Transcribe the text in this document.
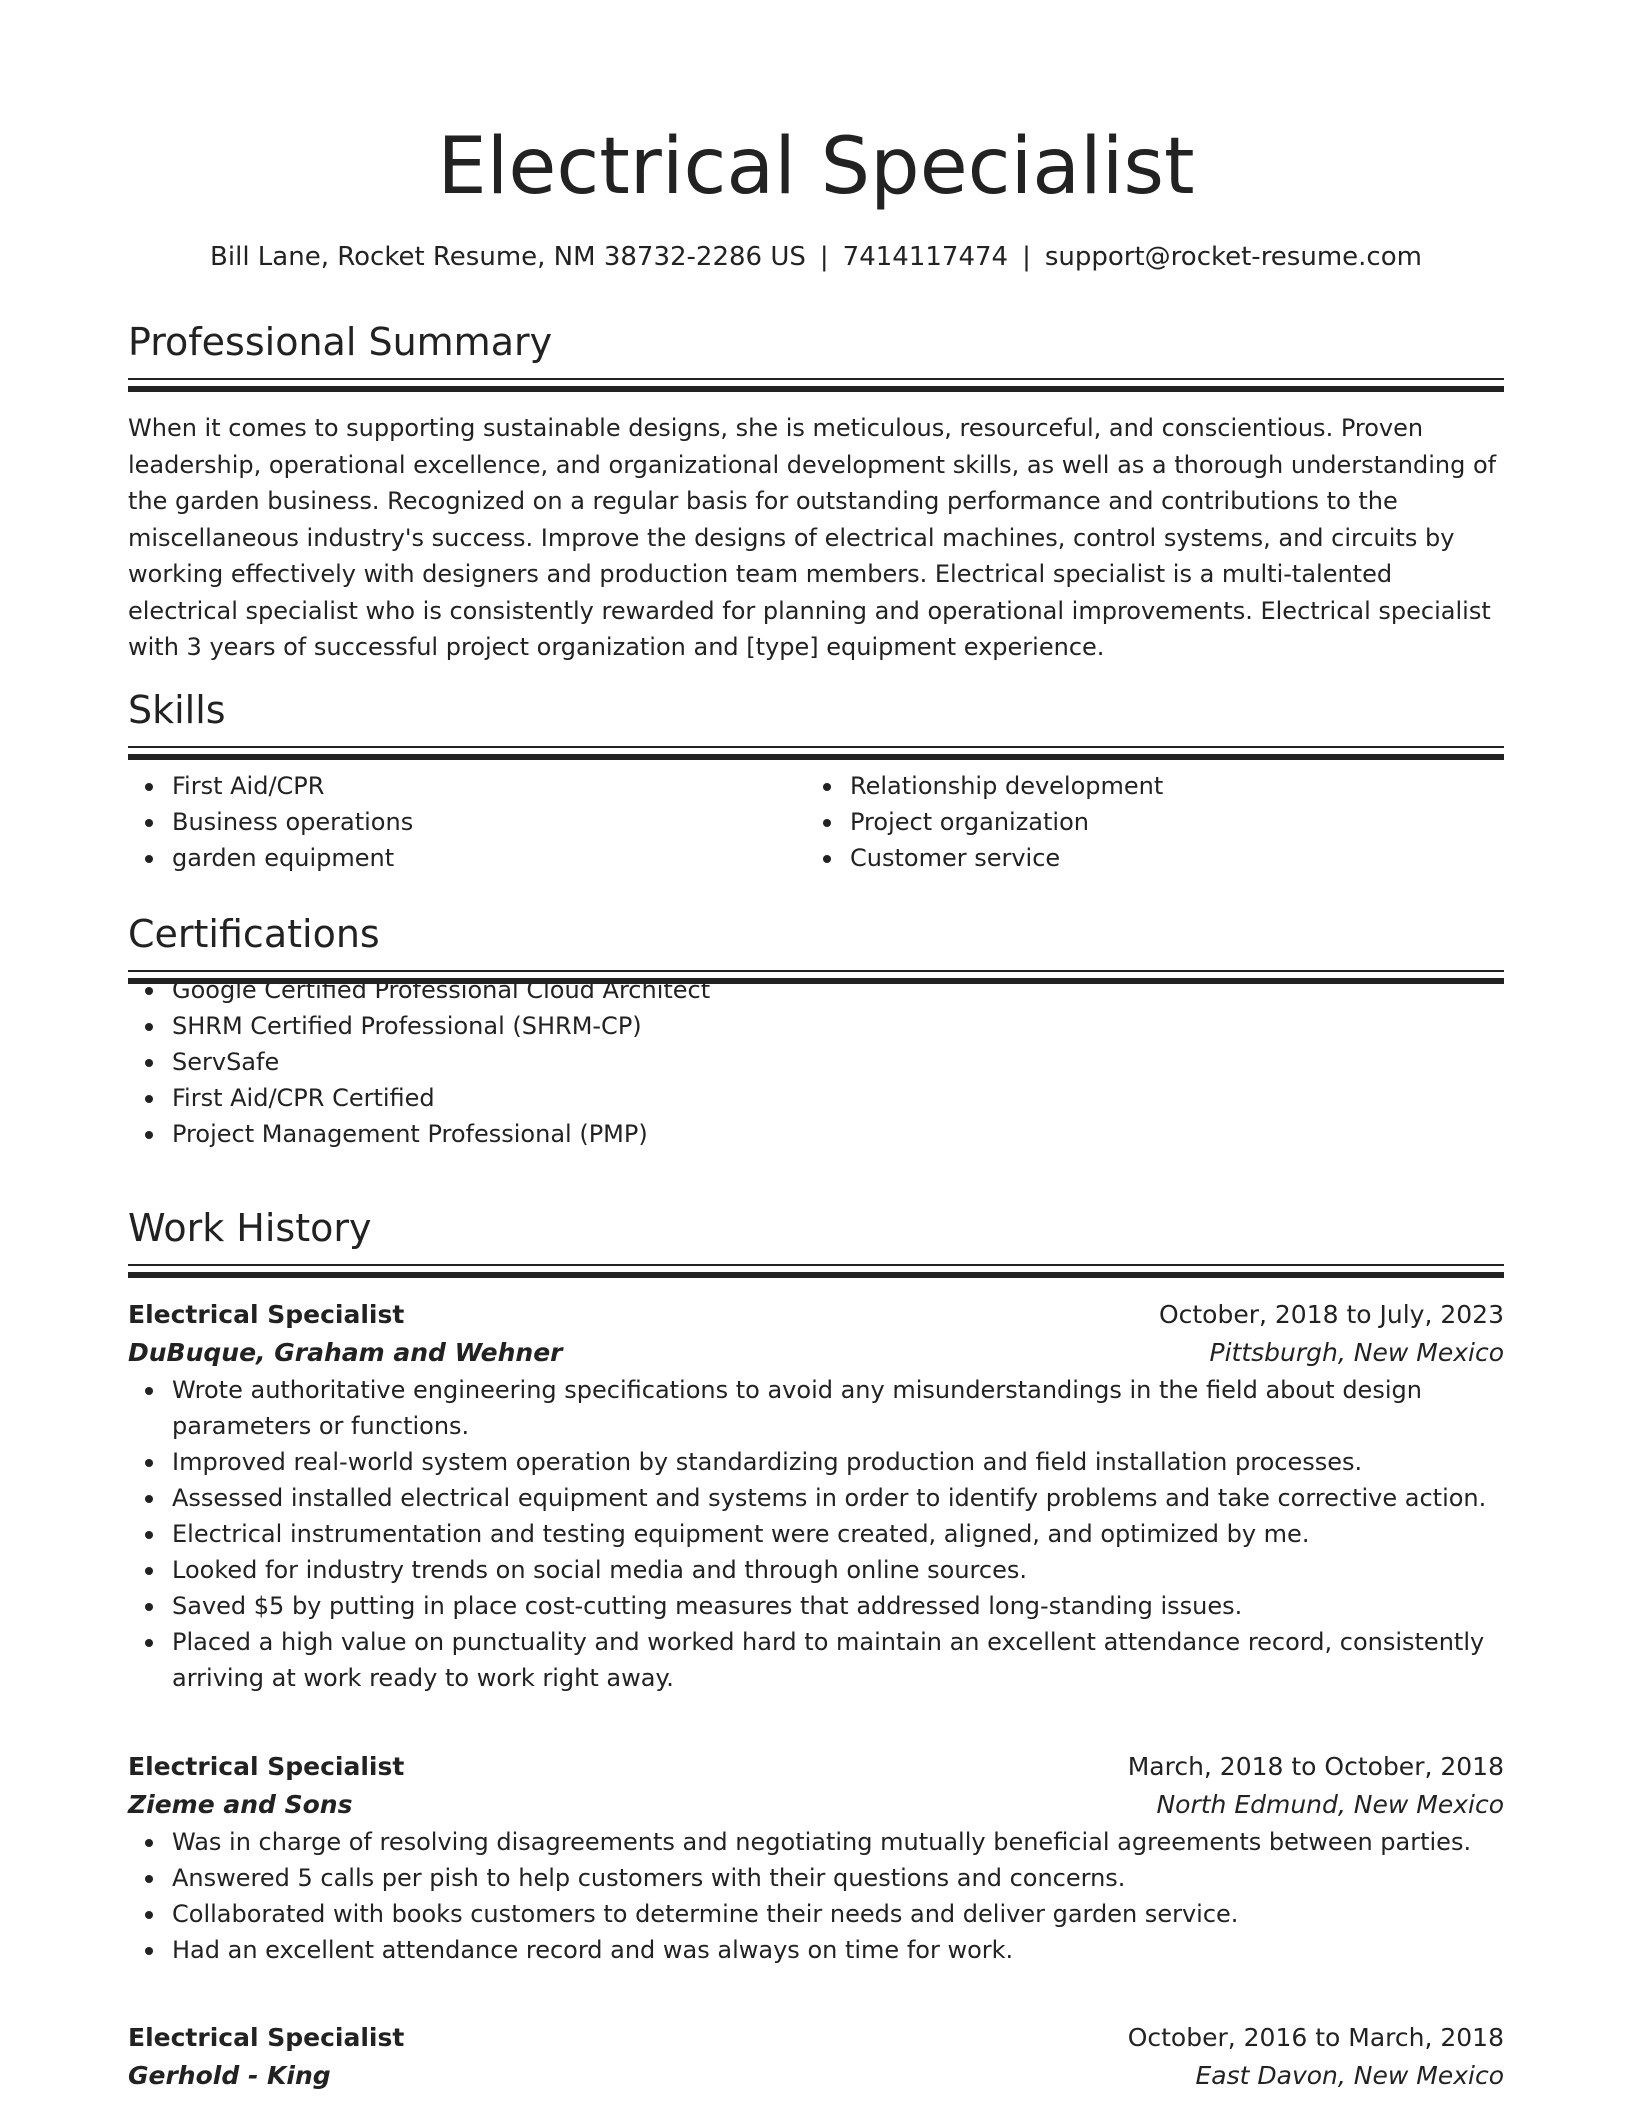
Electrical Specialist
Bill Lane, Rocket Resume, NM 38732-2286 US | 7414117474 | support@rocket-resume.com
Professional Summary

When it comes to supporting sustainable designs, she is meticulous, resourceful, and conscientious. Proven leadership, operational excellence, and organizational development skills, as well as a thorough understanding of the garden business. Recognized on a regular basis for outstanding performance and contributions to the miscellaneous industry's success. Improve the designs of electrical machines, control systems, and circuits by working effectively with designers and production team members. Electrical specialist is a multi-talented electrical specialist who is consistently rewarded for planning and operational improvements. Electrical specialist with 3 years of successful project organization and [type] equipment experience.

Skills
First Aid/CPR
Business operations
garden equipment
Relationship development
Project organization
Customer service
Certifications
Google Certified Professional Cloud Architect
SHRM Certified Professional (SHRM-CP)
ServSafe
First Aid/CPR Certified
Project Management Professional (PMP)
Work History
Electrical Specialist	October, 2018 to July, 2023
DuBuque, Graham and Wehner	Pittsburgh, New Mexico
Wrote authoritative engineering specifications to avoid any misunderstandings in the field about design parameters or functions.
Improved real-world system operation by standardizing production and field installation processes.
Assessed installed electrical equipment and systems in order to identify problems and take corrective action.
Electrical instrumentation and testing equipment were created, aligned, and optimized by me.
Looked for industry trends on social media and through online sources.
Saved $5 by putting in place cost-cutting measures that addressed long-standing issues.
Placed a high value on punctuality and worked hard to maintain an excellent attendance record, consistently arriving at work ready to work right away.
Electrical Specialist	March, 2018 to October, 2018
Zieme and Sons	North Edmund, New Mexico
Was in charge of resolving disagreements and negotiating mutually beneficial agreements between parties.
Answered 5 calls per pish to help customers with their questions and concerns.
Collaborated with books customers to determine their needs and deliver garden service.
Had an excellent attendance record and was always on time for work.
Electrical Specialist	October, 2016 to March, 2018
Gerhold - King	East Davon, New Mexico
